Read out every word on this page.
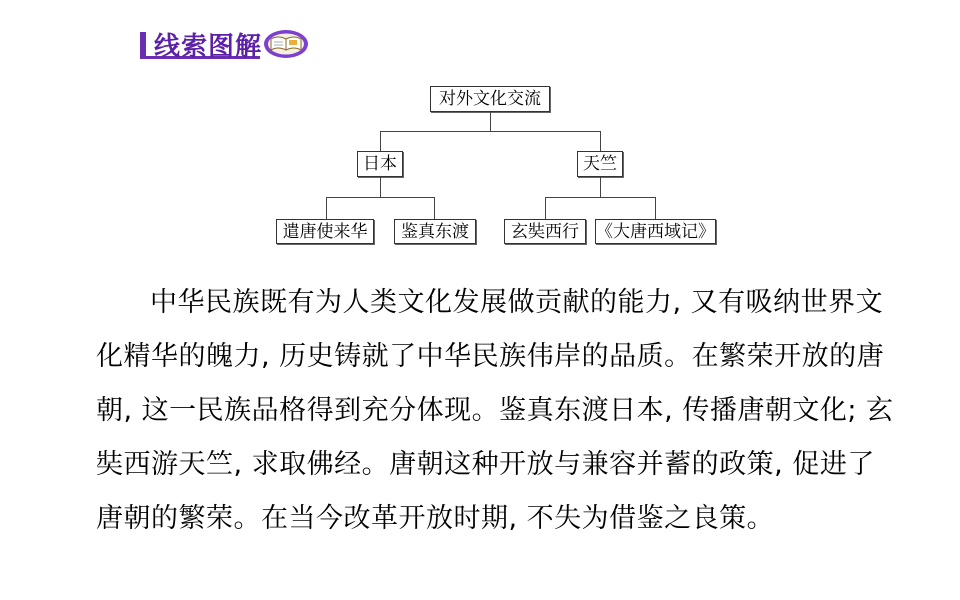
线索图解
对外文化交流
日本	天竺
遣唐使来华	鉴真东渡	玄奘西行	《大唐西域记》

中华民族既有为人类文化发展做贡献的能力, 又有吸纳世界文化精华的魄力, 历史铸就了中华民族伟岸的品质。在繁荣开放的唐朝, 这一民族品格得到充分体现。鉴真东渡日本, 传播唐朝文化; 玄奘西游天竺, 求取佛经。唐朝这种开放与兼容并蓄的政策, 促进了唐朝的繁荣。在当今改革开放时期, 不失为借鉴之良策。
